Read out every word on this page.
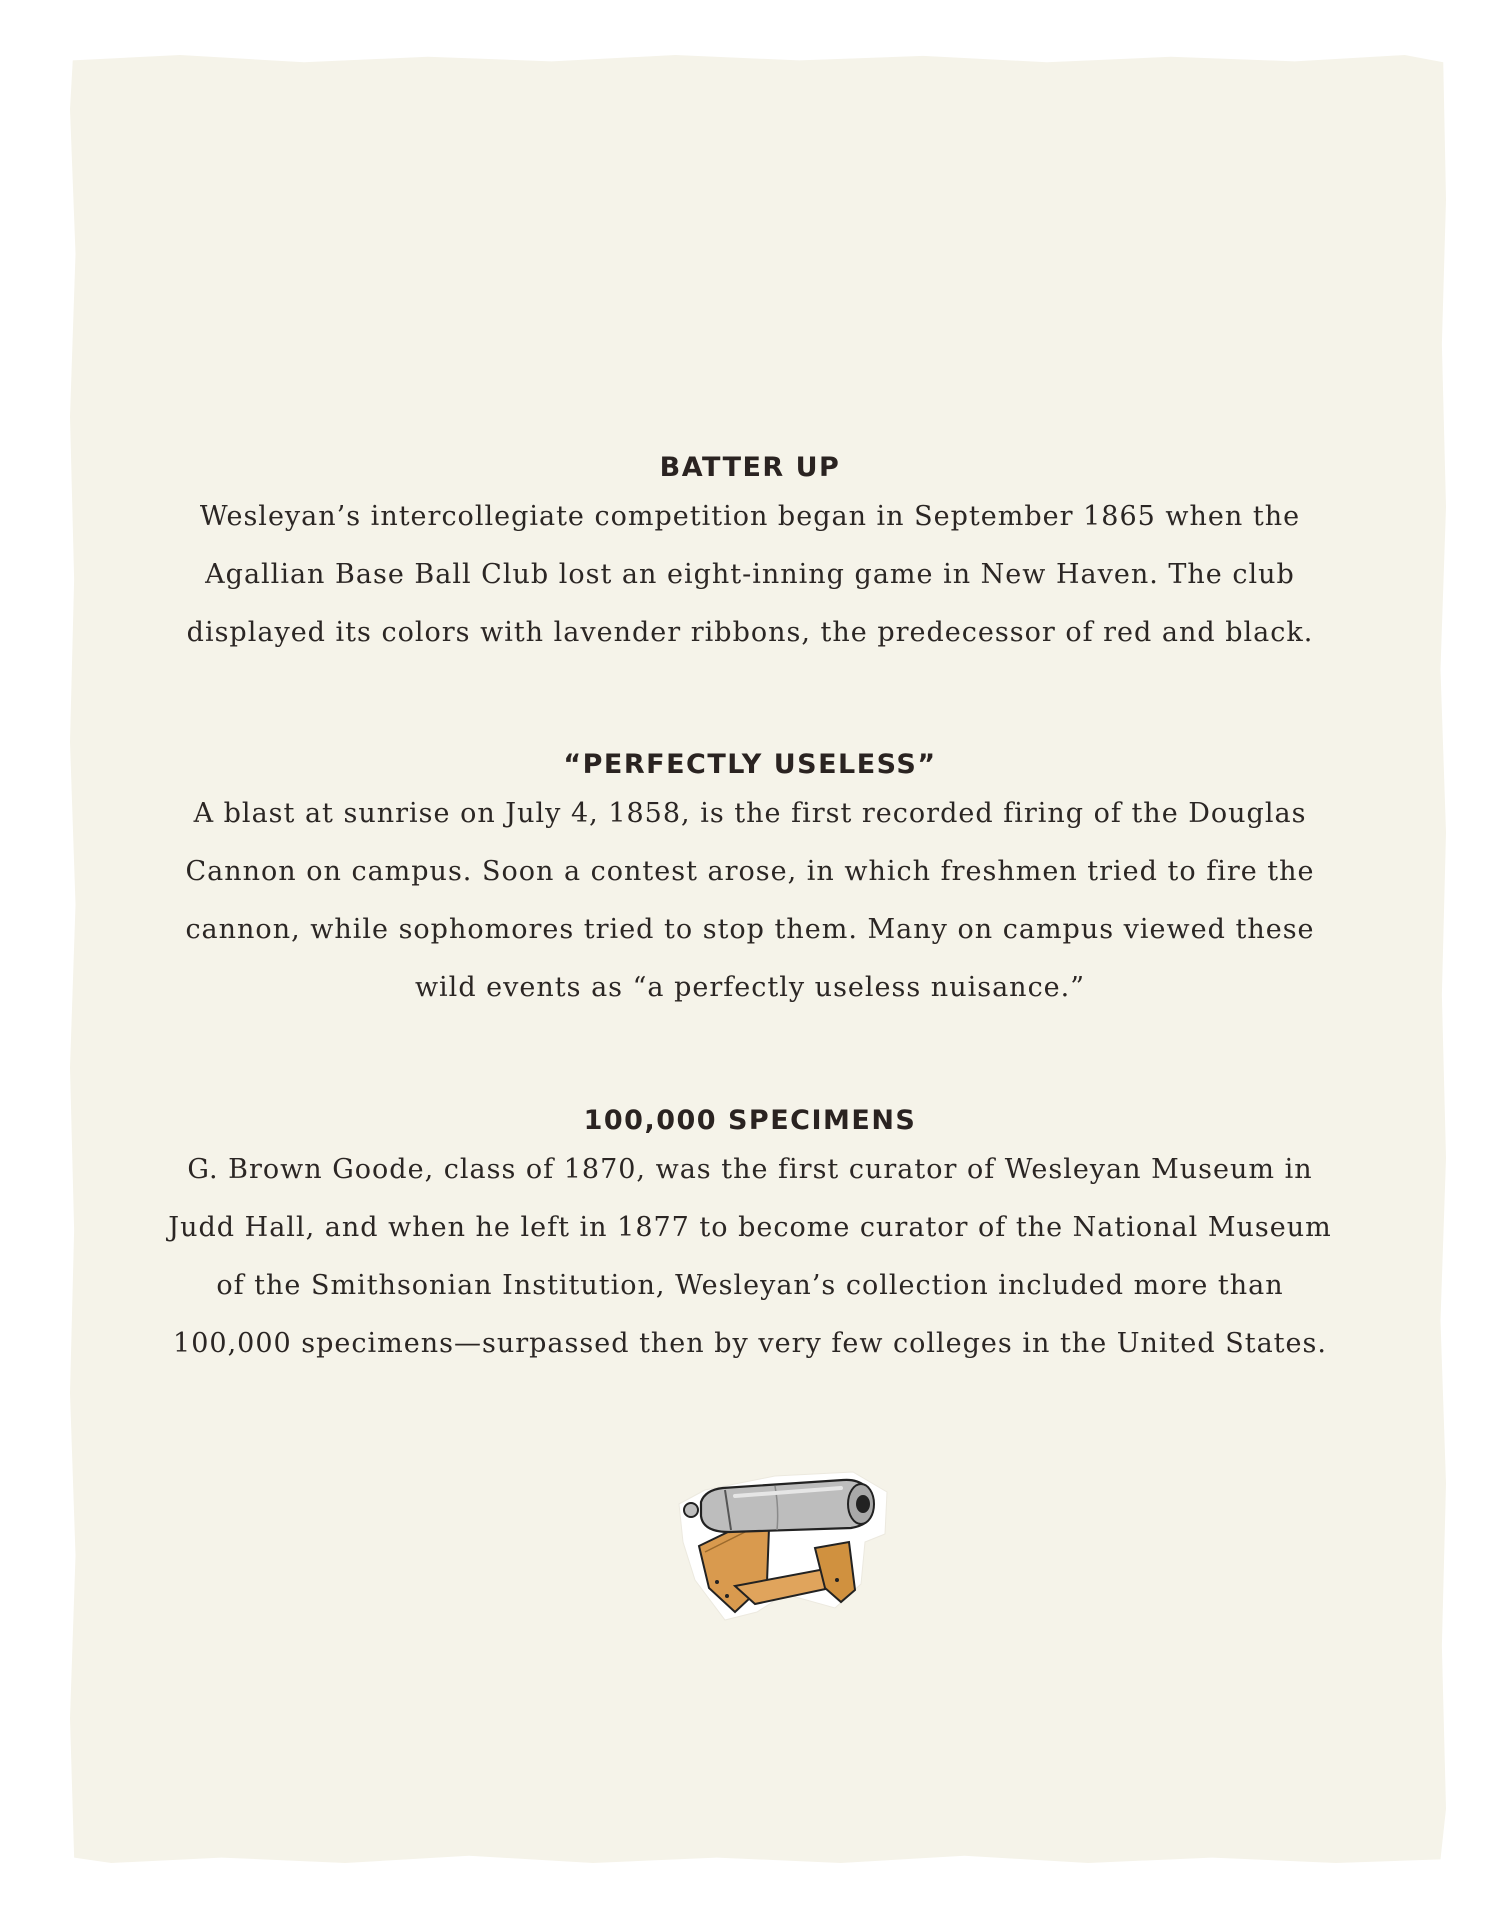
BATTER UP

Wesleyan’s intercollegiate competition began in September 1865 when the

Agallian Base Ball Club lost an eight-inning game in New Haven. The club

displayed its colors with lavender ribbons, the predecessor of red and black.

“PERFECTLY USELESS”

A blast at sunrise on July 4, 1858, is the first recorded firing of the Douglas

Cannon on campus. Soon a contest arose, in which freshmen tried to fire the

cannon, while sophomores tried to stop them. Many on campus viewed these

wild events as “a perfectly useless nuisance.”

100,000 SPECIMENS

G. Brown Goode, class of 1870, was the first curator of Wesleyan Museum in

Judd Hall, and when he left in 1877 to become curator of the National Museum

of the Smithsonian Institution, Wesleyan’s collection included more than

100,000 specimens—surpassed then by very few colleges in the United States.
